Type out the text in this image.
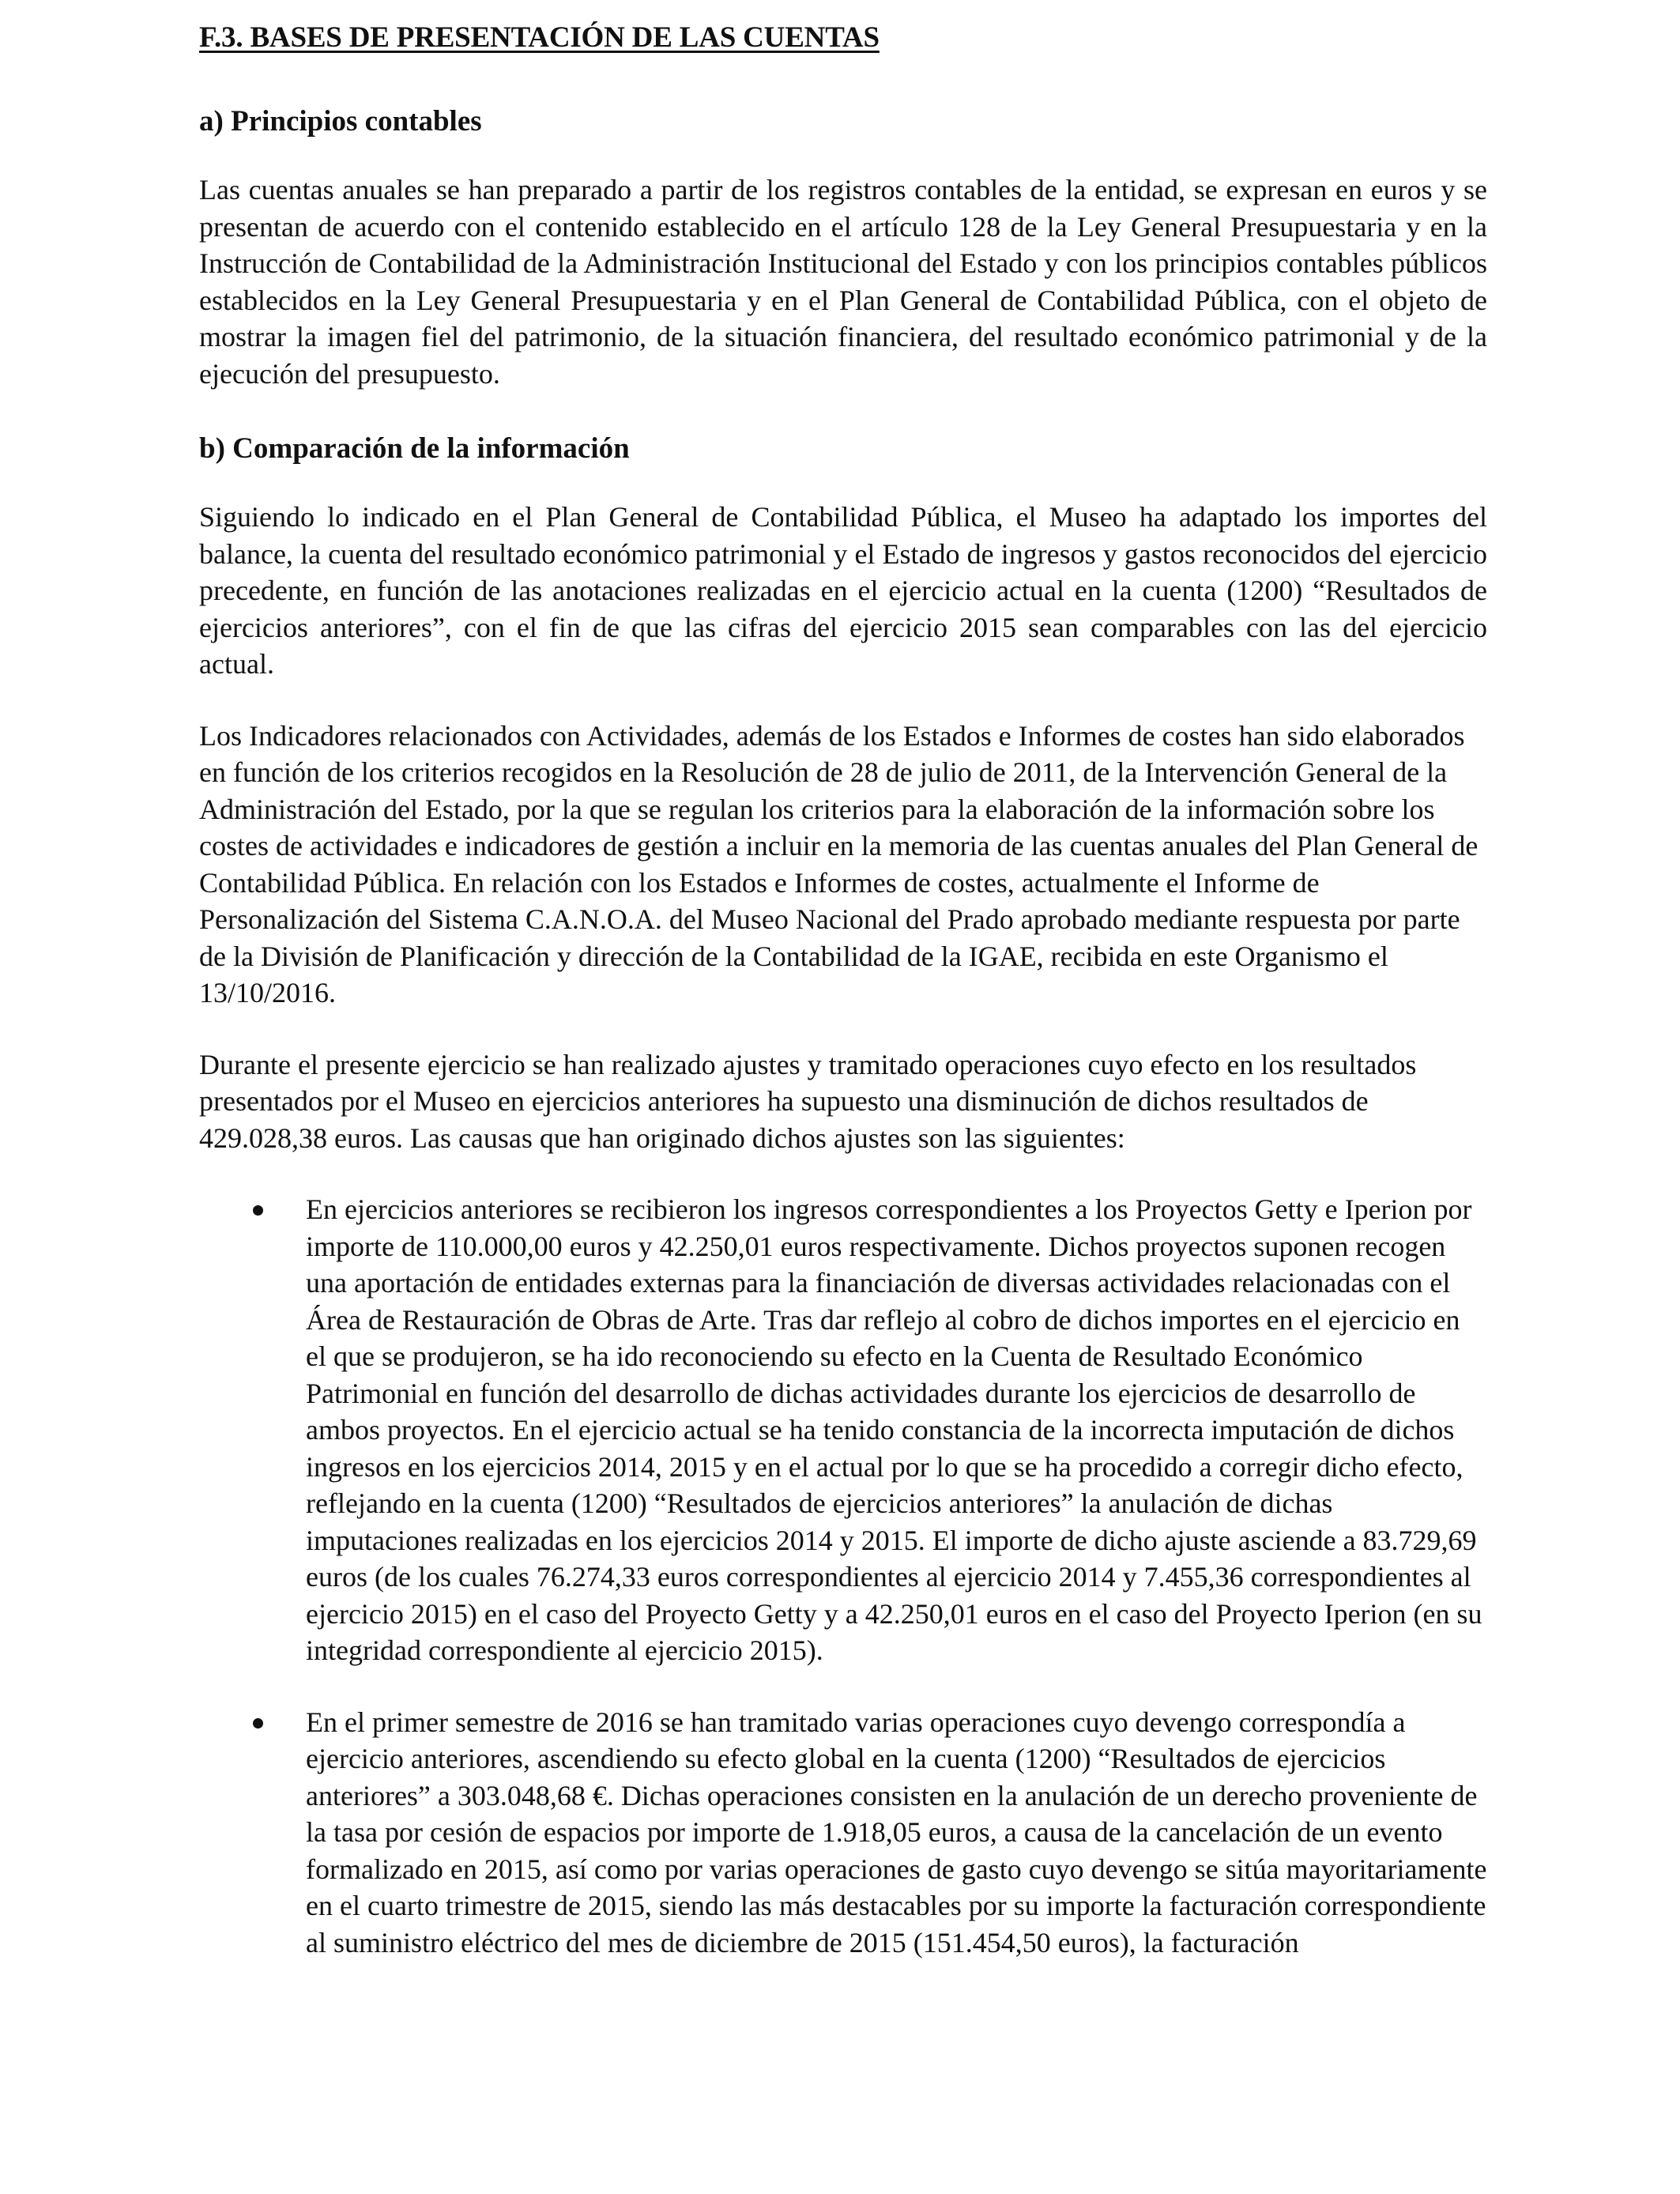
F.3. BASES DE PRESENTACIÓN DE LAS CUENTAS
a) Principios contables

Las cuentas anuales se han preparado a partir de los registros contables de la entidad, se expresan en euros y se presentan de acuerdo con el contenido establecido en el artículo 128 de la Ley General Presupuestaria y en la Instrucción de Contabilidad de la Administración Institucional del Estado y con los principios contables públicos establecidos en la Ley General Presupuestaria y en el Plan General de Contabilidad Pública, con el objeto de mostrar la imagen fiel del patrimonio, de la situación financiera, del resultado económico patrimonial y de la ejecución del presupuesto.

b) Comparación de la información

Siguiendo lo indicado en el Plan General de Contabilidad Pública, el Museo ha adaptado los importes del balance, la cuenta del resultado económico patrimonial y el Estado de ingresos y gastos reconocidos del ejercicio precedente, en función de las anotaciones realizadas en el ejercicio actual en la cuenta (1200) “Resultados de ejercicios anteriores”, con el fin de que las cifras del ejercicio 2015 sean comparables con las del ejercicio actual.

Los Indicadores relacionados con Actividades, además de los Estados e Informes de costes han sido elaborados en función de los criterios recogidos en la Resolución de 28 de julio de 2011, de la Intervención General de la Administración del Estado, por la que se regulan los criterios para la elaboración de la información sobre los costes de actividades e indicadores de gestión a incluir en la memoria de las cuentas anuales del Plan General de Contabilidad Pública. En relación con los Estados e Informes de costes, actualmente el Informe de Personalización del Sistema C.A.N.O.A. del Museo Nacional del Prado aprobado mediante respuesta por parte de la División de Planificación y dirección de la Contabilidad de la IGAE, recibida en este Organismo el 13/10/2016.

Durante el presente ejercicio se han realizado ajustes y tramitado operaciones cuyo efecto en los resultados presentados por el Museo en ejercicios anteriores ha supuesto una disminución de dichos resultados de 429.028,38 euros. Las causas que han originado dichos ajustes son las siguientes:

En ejercicios anteriores se recibieron los ingresos correspondientes a los Proyectos Getty e Iperion por importe de 110.000,00 euros y 42.250,01 euros respectivamente. Dichos proyectos suponen recogen una aportación de entidades externas para la financiación de diversas actividades relacionadas con el Área de Restauración de Obras de Arte. Tras dar reflejo al cobro de dichos importes en el ejercicio en el que se produjeron, se ha ido reconociendo su efecto en la Cuenta de Resultado Económico Patrimonial en función del desarrollo de dichas actividades durante los ejercicios de desarrollo de ambos proyectos. En el ejercicio actual se ha tenido constancia de la incorrecta imputación de dichos ingresos en los ejercicios 2014, 2015 y en el actual por lo que se ha procedido a corregir dicho efecto, reflejando en la cuenta (1200) “Resultados de ejercicios anteriores” la anulación de dichas imputaciones realizadas en los ejercicios 2014 y 2015. El importe de dicho ajuste asciende a 83.729,69 euros (de los cuales 76.274,33 euros correspondientes al ejercicio 2014 y 7.455,36 correspondientes al ejercicio 2015) en el caso del Proyecto Getty y a 42.250,01 euros en el caso del Proyecto Iperion (en su integridad correspondiente al ejercicio 2015).
En el primer semestre de 2016 se han tramitado varias operaciones cuyo devengo correspondía a ejercicio anteriores, ascendiendo su efecto global en la cuenta (1200) “Resultados de ejercicios anteriores” a 303.048,68 €. Dichas operaciones consisten en la anulación de un derecho proveniente de la tasa por cesión de espacios por importe de 1.918,05 euros, a causa de la cancelación de un evento formalizado en 2015, así como por varias operaciones de gasto cuyo devengo se sitúa mayoritariamente en el cuarto trimestre de 2015, siendo las más destacables por su importe la facturación correspondiente al suministro eléctrico del mes de diciembre de 2015 (151.454,50 euros), la facturación
